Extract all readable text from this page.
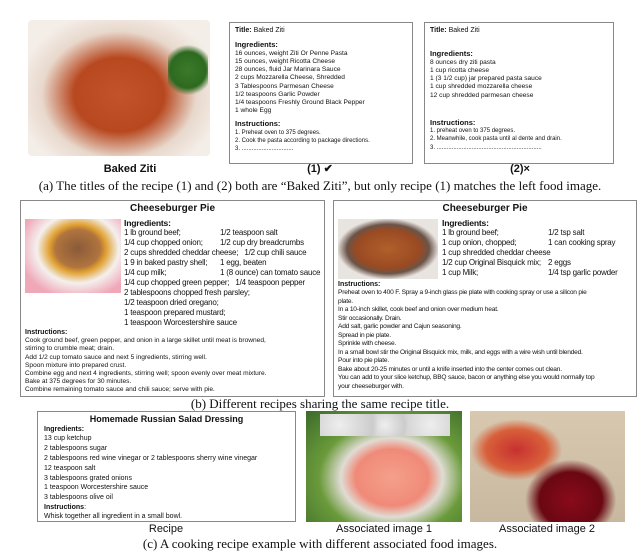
Baked Ziti
Title: Baked Ziti
Ingredients:
16 ounces, weight Ziti Or Penne Pasta
15 ounces, weight Ricotta Cheese
28 ounces, fluid Jar Marinara Sauce
2 cups Mozzarella Cheese, Shredded
3 Tablespoons Parmesan Cheese
1/2 teaspoons Garlic Powder
1/4 teaspoons Freshly Ground Black Pepper
1 whole Egg
Instructions:
1. Preheat oven to 375 degrees.
2. Cook the pasta according to package directions.
3. ...............................
(1) ✔
Title: Baked Ziti
Ingredients:
8 ounces dry ziti pasta
1 cup ricotta cheese
1 (3 1/2 cup) jar prepared pasta sauce
1 cup shredded mozzarella cheese
12 cup shredded parmesan cheese
Instructions:
1. preheat oven to 375 degrees.
2. Meanwhile, cook pasta until al dente and drain.
3. ...............................................................
(2)×
(a) The titles of the recipe (1) and (2) both are “Baked Ziti”, but only recipe (1) matches the left food image.
Cheeseburger Pie
Ingredients:
1 lb ground beef;	1/2 teaspoon salt
1/4 cup chopped onion;	1/2 cup dry breadcrumbs
2 cups shredded cheddar cheese; 1/2 cup chili sauce
1 9 in baked pastry shell;	1 egg, beaten
1/4 cup milk;	1 (8 ounce) can tomato sauce
1/4 cup chopped green pepper; 1/4 teaspoon pepper
2 tablespoons chopped fresh parsley;
1/2 teaspoon dried oregano;
1 teaspoon prepared mustard;
1 teaspoon Worcestershire sauce
Instructions:
Cook ground beef, green pepper, and onion in a large skillet until meat is browned,
stirring to crumble meat; drain.
Add 1/2 cup tomato sauce and next 5 ingredients, stirring well.
Spoon mixture into prepared crust.
Combine egg and next 4 ingredients, stirring well; spoon evenly over meat mixture.
Bake at 375 degrees for 30 minutes.
Combine remaining tomato sauce and chili sauce; serve with pie.
Cheeseburger Pie
Ingredients:
1 lb ground beef;	1/2 tsp salt
1 cup onion, chopped;	1 can cooking spray
1 cup shredded cheddar cheese
1/2 cup Original Bisquick mix; 2 eggs
1 cup Milk;	1/4 tsp garlic powder
Instructions:
Preheat oven to 400 F. Spray a 9-inch glass pie plate with cooking spray or use a silicon pie
plate.
In a 10-inch skillet, cook beef and onion over medium heat.
Stir occasionally. Drain.
Add salt, garlic powder and Cajun seasoning.
Spread in pie plate.
Sprinkle with cheese.
In a small bowl stir the Original Bisquick mix, milk, and eggs with a wire wish until blended.
Pour into pie plate.
Bake about 20-25 minutes or until a knife inserted into the center comes out clean.
You can add to your slice ketchup, BBQ sauce, bacon or anything else you would normally top
your cheeseburger with.
(b) Different recipes sharing the same recipe title.
Homemade Russian Salad Dressing
Ingredients:
13 cup ketchup
2 tablespoons sugar
2 tablespoons red wine vinegar or 2 tablespoons sherry wine vinegar
12 teaspoon salt
3 tablespoons grated onions
1 teaspoon Worcestershire sauce
3 tablespoons olive oil
Instructions:
Whisk together all ingredient in a small bowl.
Recipe	Associated image 1	Associated image 2
(c) A cooking recipe example with different associated food images.
